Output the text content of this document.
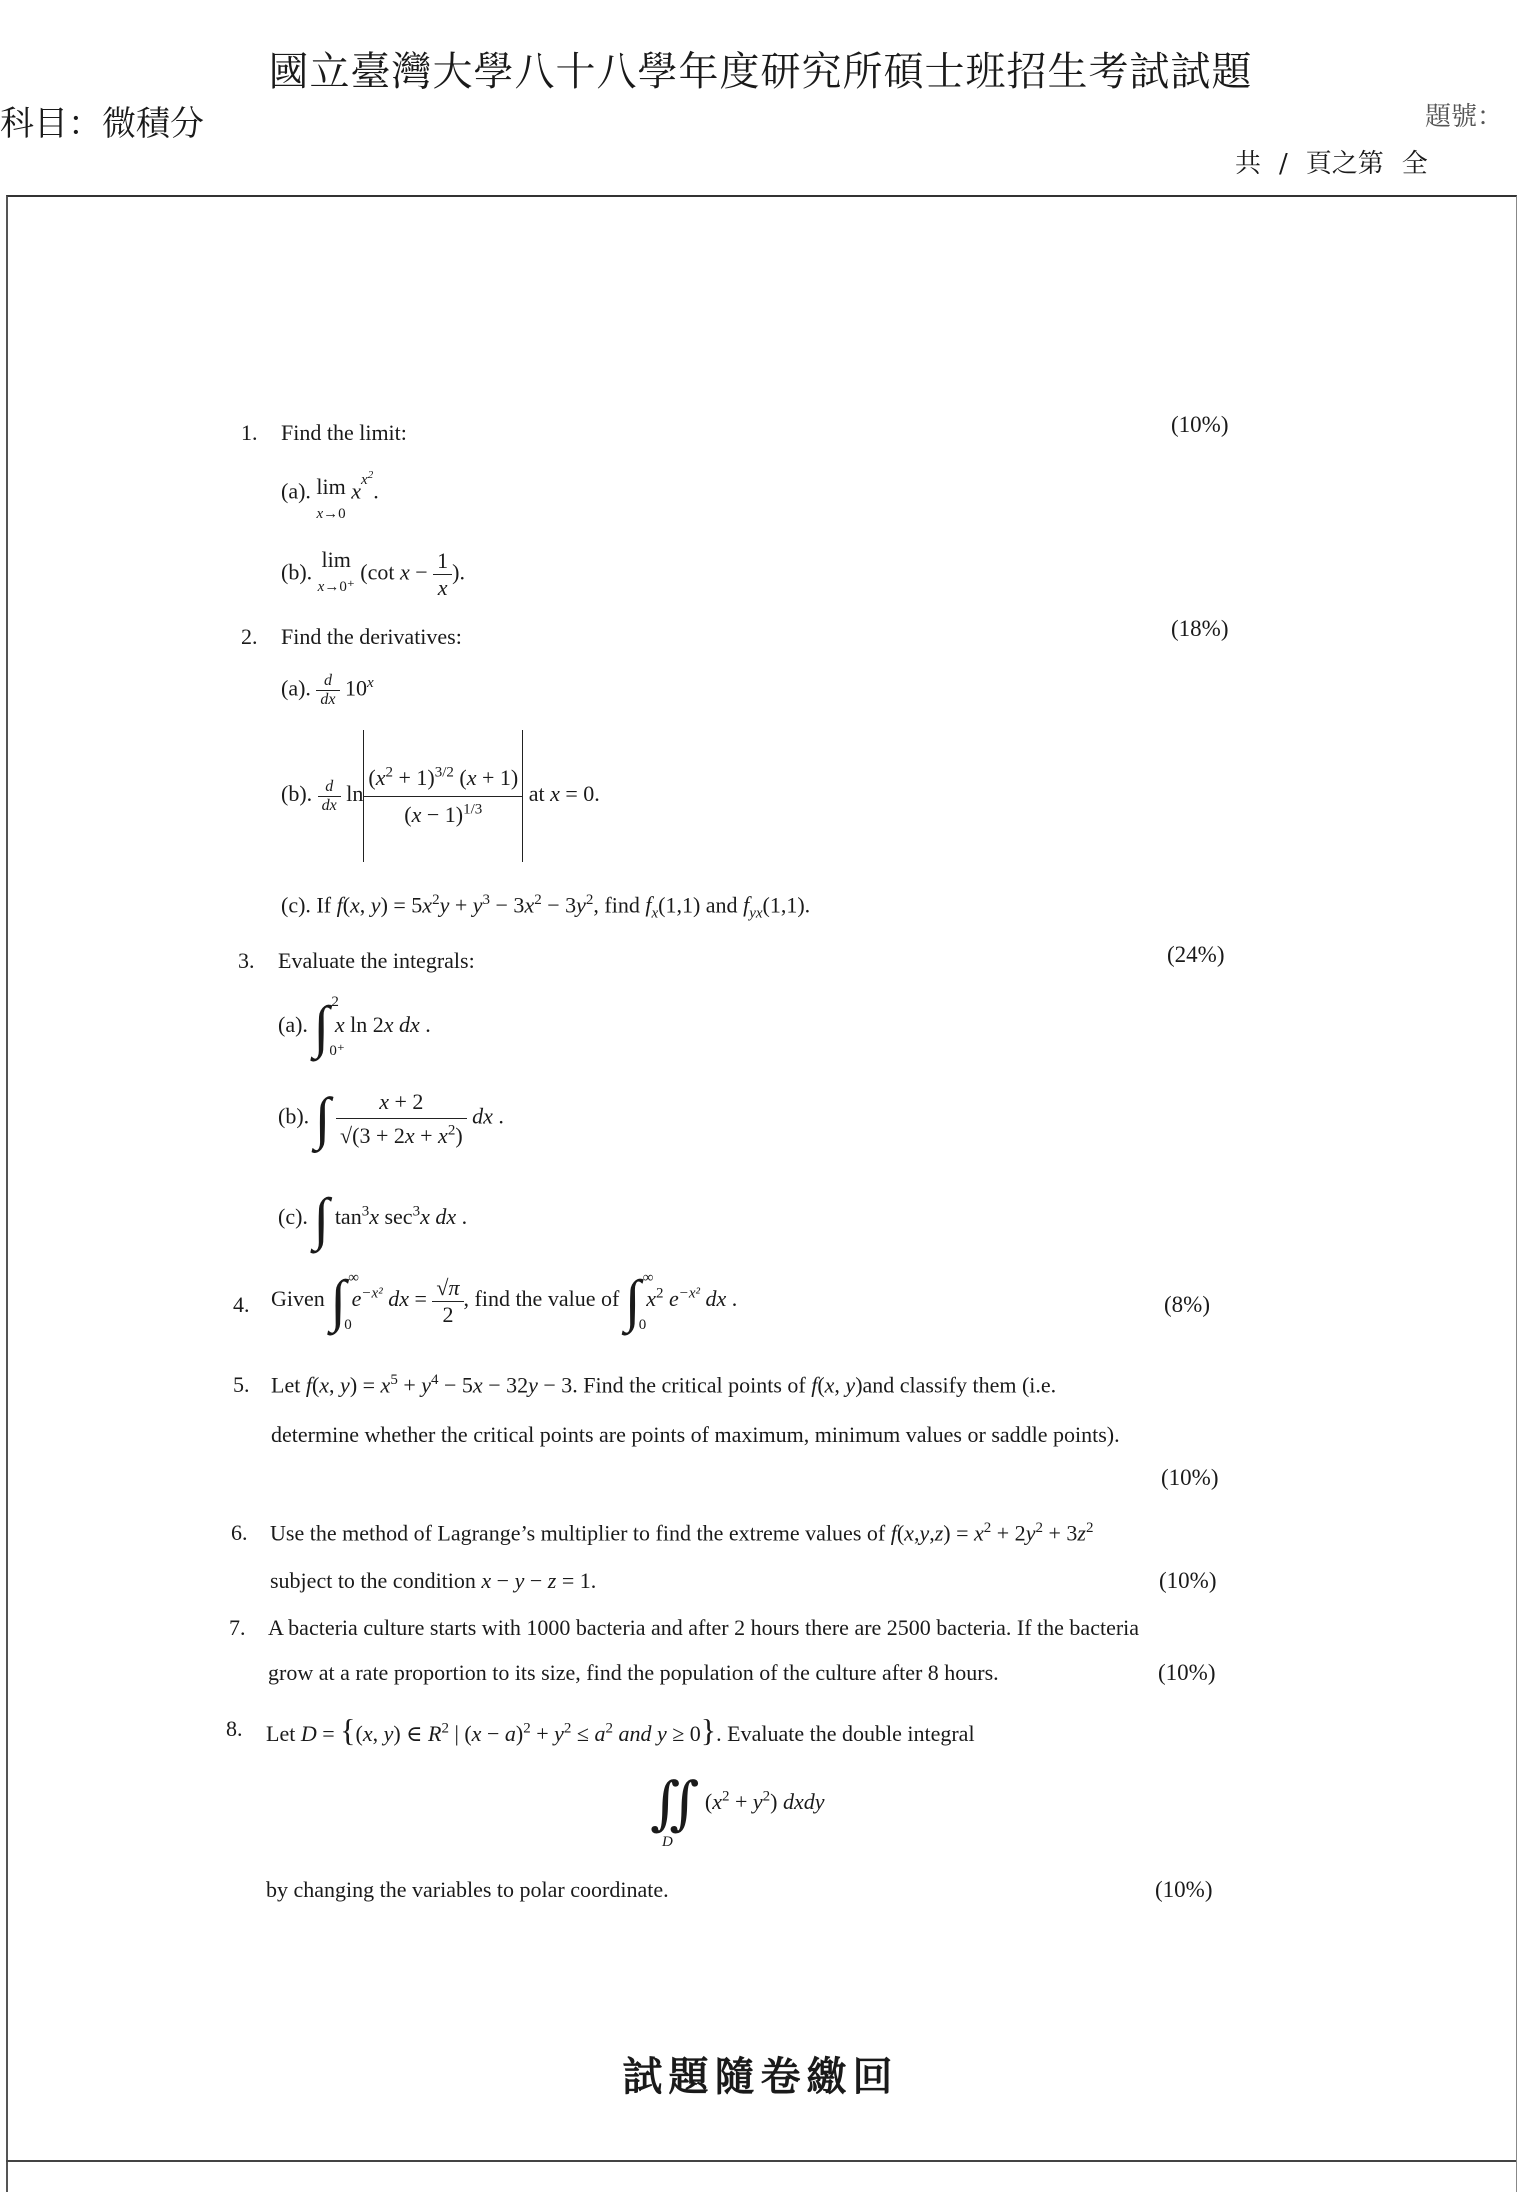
國立臺灣大學八十八學年度研究所碩士班招生考試試題
科目：微積分	題號：
共 / 頁之第 全
1. Find the limit:	(10%)
(a). lim
x→0 $x^{x^2}$.
(b). lim
x→0⁺ (cot $x - \frac{1}{x}$ ).
2. Find the derivatives:	(18%)
(a). $\frac{d}{dx} 10^x$
(b). $\frac{d}{dx}$ $\ln \frac{(x^2 + 1)^{3/2} (x + 1)}{(x - 1)^{1/3}}$ at x = 0.
(c). If f(x, $y) = 5x^2y + y^3 - 3x^2 - 3y^2$, find $f_x(1,1)$ and $f_{yx}(1,1)$.
3. Evaluate the integrals:	(24%)
(a). ∫ 2
0⁺
x ln 2x dx .
(b). ∫ $\frac{x + 2}{√(3 + 2x + x^2)}$ dx .
(c). ∫ $\tan^3x$ $\sec^3x$ dx .
4. Given ∫ ∞
0
$e^{-x^2}$ dx = $\frac{√\pi}{2}$ , find the value of ∫ ∞
0
$x^2$ $e^{-x^2}$ dx .	(8%)
5. Let f(x, $y) = x^5 + y^4 - 5x - 32y - 3$. Find the critical points of f(x, y)and classify them (i.e.
determine whether the critical points are points of maximum, minimum values or saddle points).
(10%)
6. Use the method of Lagrange’s multiplier to find the extreme values of $f(x,y,z) = x^2 + 2y^2 + 3z^2$
subject to the condition x − y − z = 1.	(10%)
7. A bacteria culture starts with 1000 bacteria and after 2 hours there are 2500 bacteria. If the bacteria
grow at a rate proportion to its size, find the population of the culture after 8 hours.	(10%)
8. Let D = {(x, y) ∈ $R^2$ | $(x - a)^2 + y^2 \le a^2$ and y ≥ 0}. Evaluate the double integral
∬
D
$(x^2 + y^2)$ dxdy
by changing the variables to polar coordinate.	(10%)
試題隨卷繳回
